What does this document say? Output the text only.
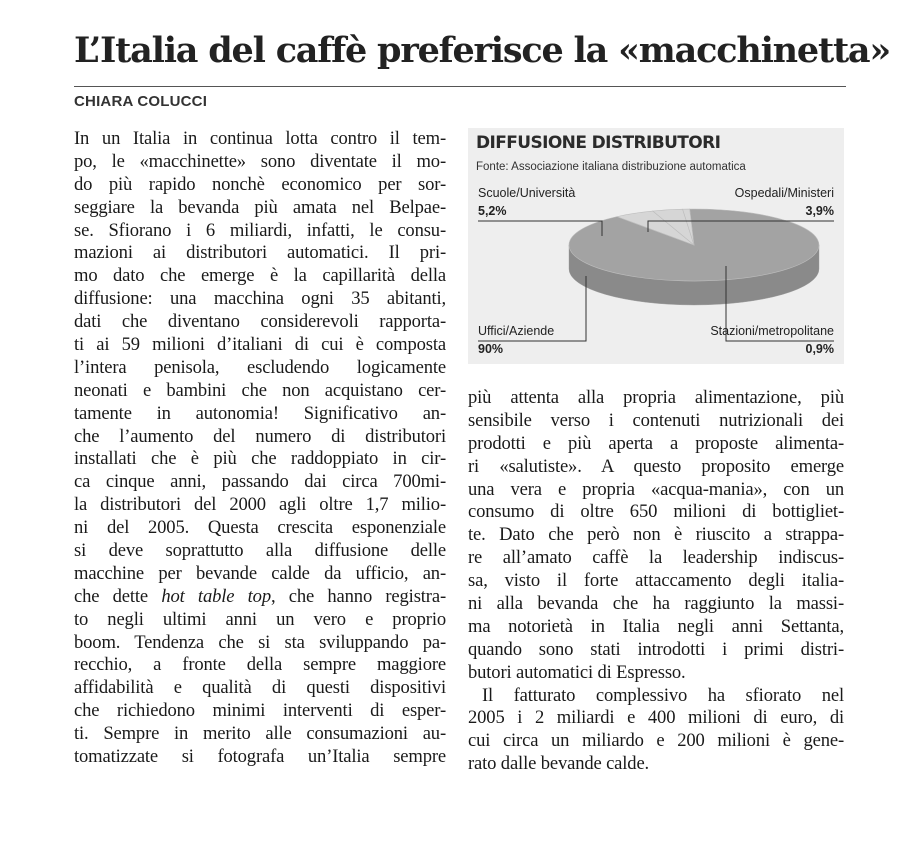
L’Italia del caffè preferisce la «macchinetta»
CHIARA COLUCCI
In un Italia in continua lotta contro il tem-
po, le «macchinette» sono diventate il mo-
do più rapido nonchè economico per sor-
seggiare la bevanda più amata nel Belpae-
se. Sfiorano i 6 miliardi, infatti, le consu-
mazioni ai distributori automatici. Il pri-
mo dato che emerge è la capillarità della
diffusione: una macchina ogni 35 abitanti,
dati che diventano considerevoli rapporta-
ti ai 59 milioni d’italiani di cui è composta
l’intera penisola, escludendo logicamente
neonati e bambini che non acquistano cer-
tamente in autonomia! Significativo an-
che l’aumento del numero di distributori
installati che è più che raddoppiato in cir-
ca cinque anni, passando dai circa 700mi-
la distributori del 2000 agli oltre 1,7 milio-
ni del 2005. Questa crescita esponenziale
si deve soprattutto alla diffusione delle
macchine per bevande calde da ufficio, an-
che dette hot table top, che hanno registra-
to negli ultimi anni un vero e proprio
boom. Tendenza che si sta sviluppando pa-
recchio, a fronte della sempre maggiore
affidabilità e qualità di questi dispositivi
che richiedono minimi interventi di esper-
ti. Sempre in merito alle consumazioni au-
tomatizzate si fotografa un’Italia sempre
DIFFUSIONE DISTRIBUTORI
Fonte: Associazione italiana distribuzione automatica
Scuole/Università
5,2%
Ospedali/Ministeri
3,9%
Uffici/Aziende
90%
Stazioni/metropolitane
0,9%
più attenta alla propria alimentazione, più
sensibile verso i contenuti nutrizionali dei
prodotti e più aperta a proposte alimenta-
ri «salutiste». A questo proposito emerge
una vera e propria «acqua-mania», con un
consumo di oltre 650 milioni di bottigliet-
te. Dato che però non è riuscito a strappa-
re all’amato caffè la leadership indiscus-
sa, visto il forte attaccamento degli italia-
ni alla bevanda che ha raggiunto la massi-
ma notorietà in Italia negli anni Settanta,
quando sono stati introdotti i primi distri-
butori automatici di Espresso.
Il fatturato complessivo ha sfiorato nel
2005 i 2 miliardi e 400 milioni di euro, di
cui circa un miliardo e 200 milioni è gene-
rato dalle bevande calde.
